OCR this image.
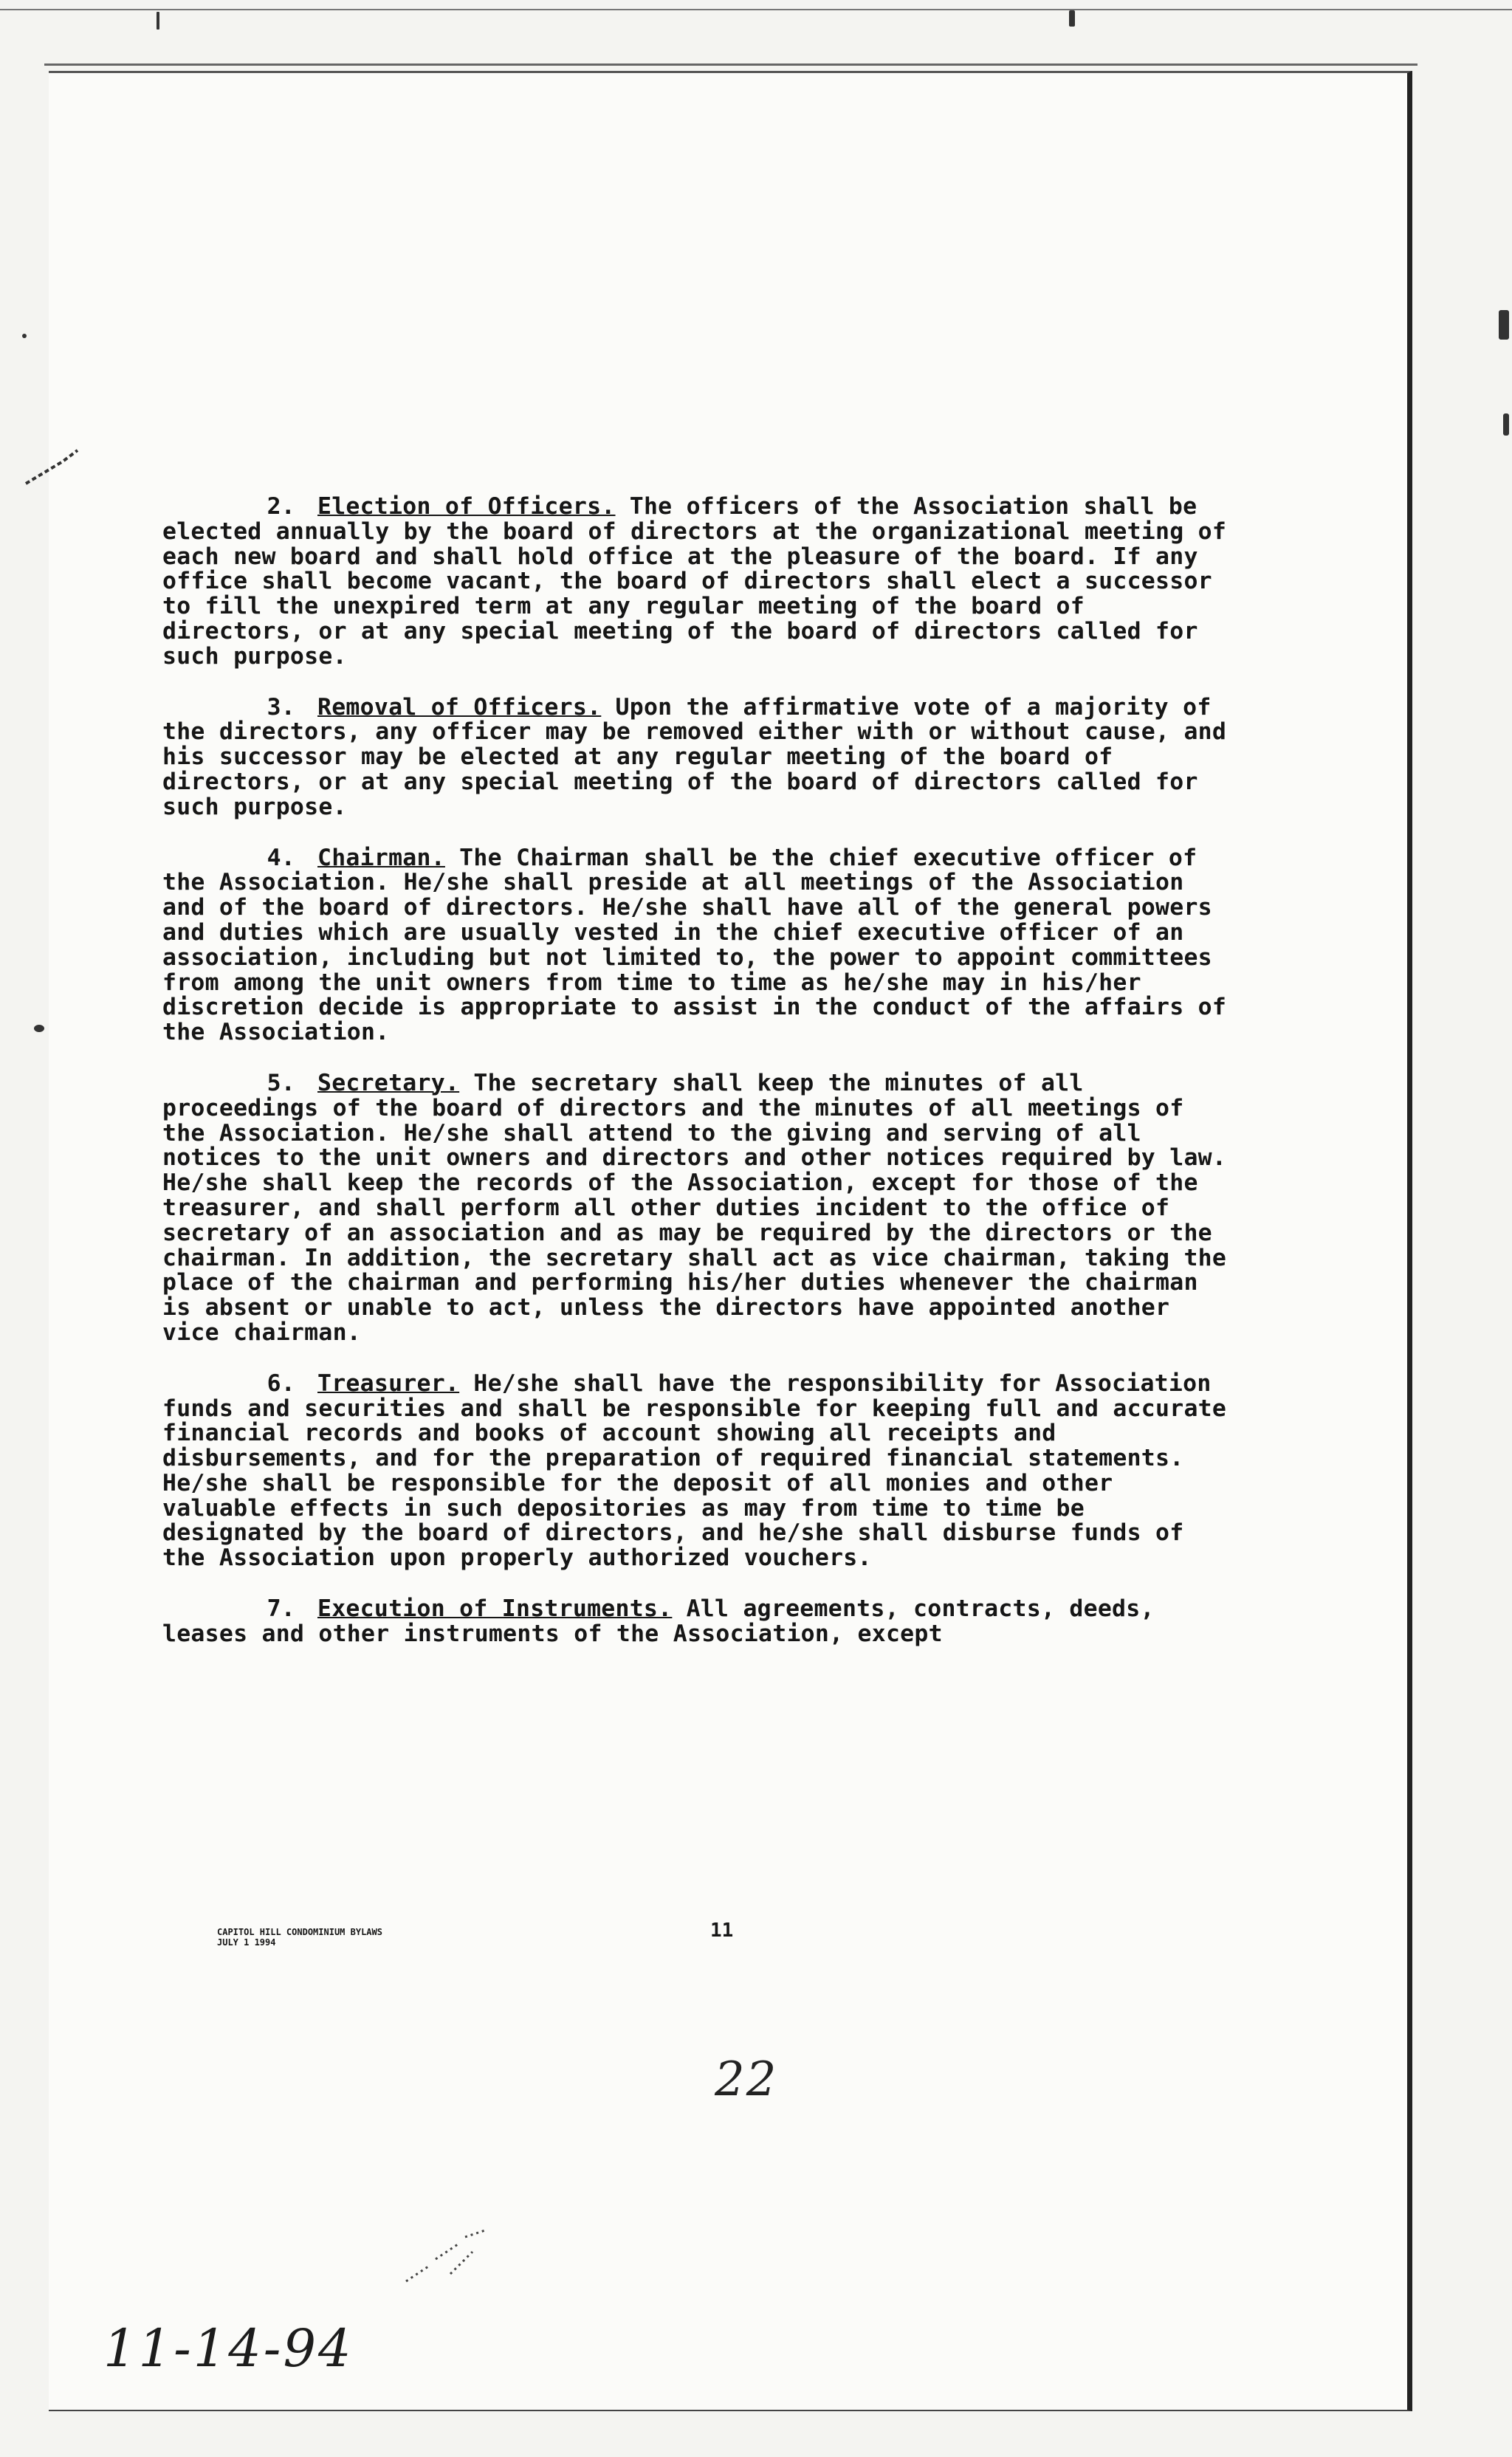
2. Election of Officers. The officers of the Association shall be elected annually by the board of directors at the organizational meeting of each new board and shall hold office at the pleasure of the board. If any office shall become vacant, the board of directors shall elect a successor to fill the unexpired term at any regular meeting of the board of directors, or at any special meeting of the board of directors called for such purpose.

3. Removal of Officers. Upon the affirmative vote of a majority of the directors, any officer may be removed either with or without cause, and his successor may be elected at any regular meeting of the board of directors, or at any special meeting of the board of directors called for such purpose.

4. Chairman. The Chairman shall be the chief executive officer of the Association. He/she shall preside at all meetings of the Association and of the board of directors. He/she shall have all of the general powers and duties which are usually vested in the chief executive officer of an association, including but not limited to, the power to appoint committees from among the unit owners from time to time as he/she may in his/her discretion decide is appropriate to assist in the conduct of the affairs of the Association.

5. Secretary. The secretary shall keep the minutes of all proceedings of the board of directors and the minutes of all meetings of the Association. He/she shall attend to the giving and serving of all notices to the unit owners and directors and other notices required by law. He/she shall keep the records of the Association, except for those of the treasurer, and shall perform all other duties incident to the office of secretary of an association and as may be required by the directors or the chairman. In addition, the secretary shall act as vice chairman, taking the place of the chairman and performing his/her duties whenever the chairman is absent or unable to act, unless the directors have appointed another vice chairman.

6. Treasurer. He/she shall have the responsibility for Association funds and securities and shall be responsible for keeping full and accurate financial records and books of account showing all receipts and disbursements, and for the preparation of required financial statements. He/she shall be responsible for the deposit of all monies and other valuable effects in such depositories as may from time to time be designated by the board of directors, and he/she shall disburse funds of the Association upon properly authorized vouchers.

7. Execution of Instruments. All agreements, contracts, deeds, leases and other instruments of the Association, except

CAPITOL HILL CONDOMINIUM BYLAWS
JULY 1 1994
11
22
11-14-94
